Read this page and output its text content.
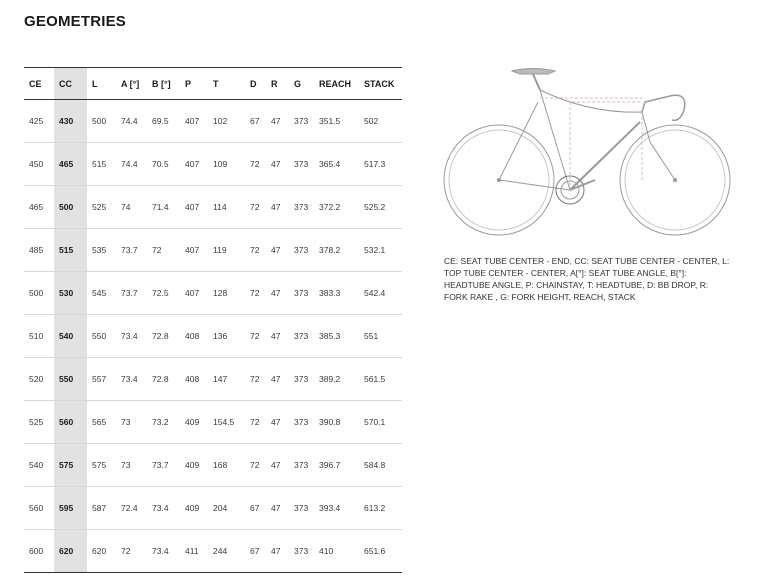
GEOMETRIES
CE	CC	L	A [°]	B [°]	P	T	D	R	G	REACH	STACK
425	430	500	74.4	69.5	407	102	67	47	373	351.5	502
450	465	515	74.4	70.5	407	109	72	47	373	365.4	517.3
465	500	525	74	71.4	407	114	72	47	373	372.2	525.2
485	515	535	73.7	72	407	119	72	47	373	378.2	532.1
500	530	545	73.7	72.5	407	128	72	47	373	383.3	542.4
510	540	550	73.4	72.8	408	136	72	47	373	385.3	551
520	550	557	73.4	72.8	408	147	72	47	373	389.2	561.5
525	560	565	73	73.2	409	154.5	72	47	373	390.8	570.1
540	575	575	73	73.7	409	168	72	47	373	396.7	584.8
560	595	587	72.4	73.4	409	204	67	47	373	393.4	613.2
600	620	620	72	73.4	411	244	67	47	373	410	651.6

CE: SEAT TUBE CENTER - END, CC: SEAT TUBE CENTER - CENTER, L: TOP TUBE CENTER - CENTER, A[°]: SEAT TUBE ANGLE, B[°]: HEADTUBE ANGLE, P: CHAINSTAY, T: HEADTUBE, D: BB DROP, R: FORK RAKE , G: FORK HEIGHT, REACH, STACK
